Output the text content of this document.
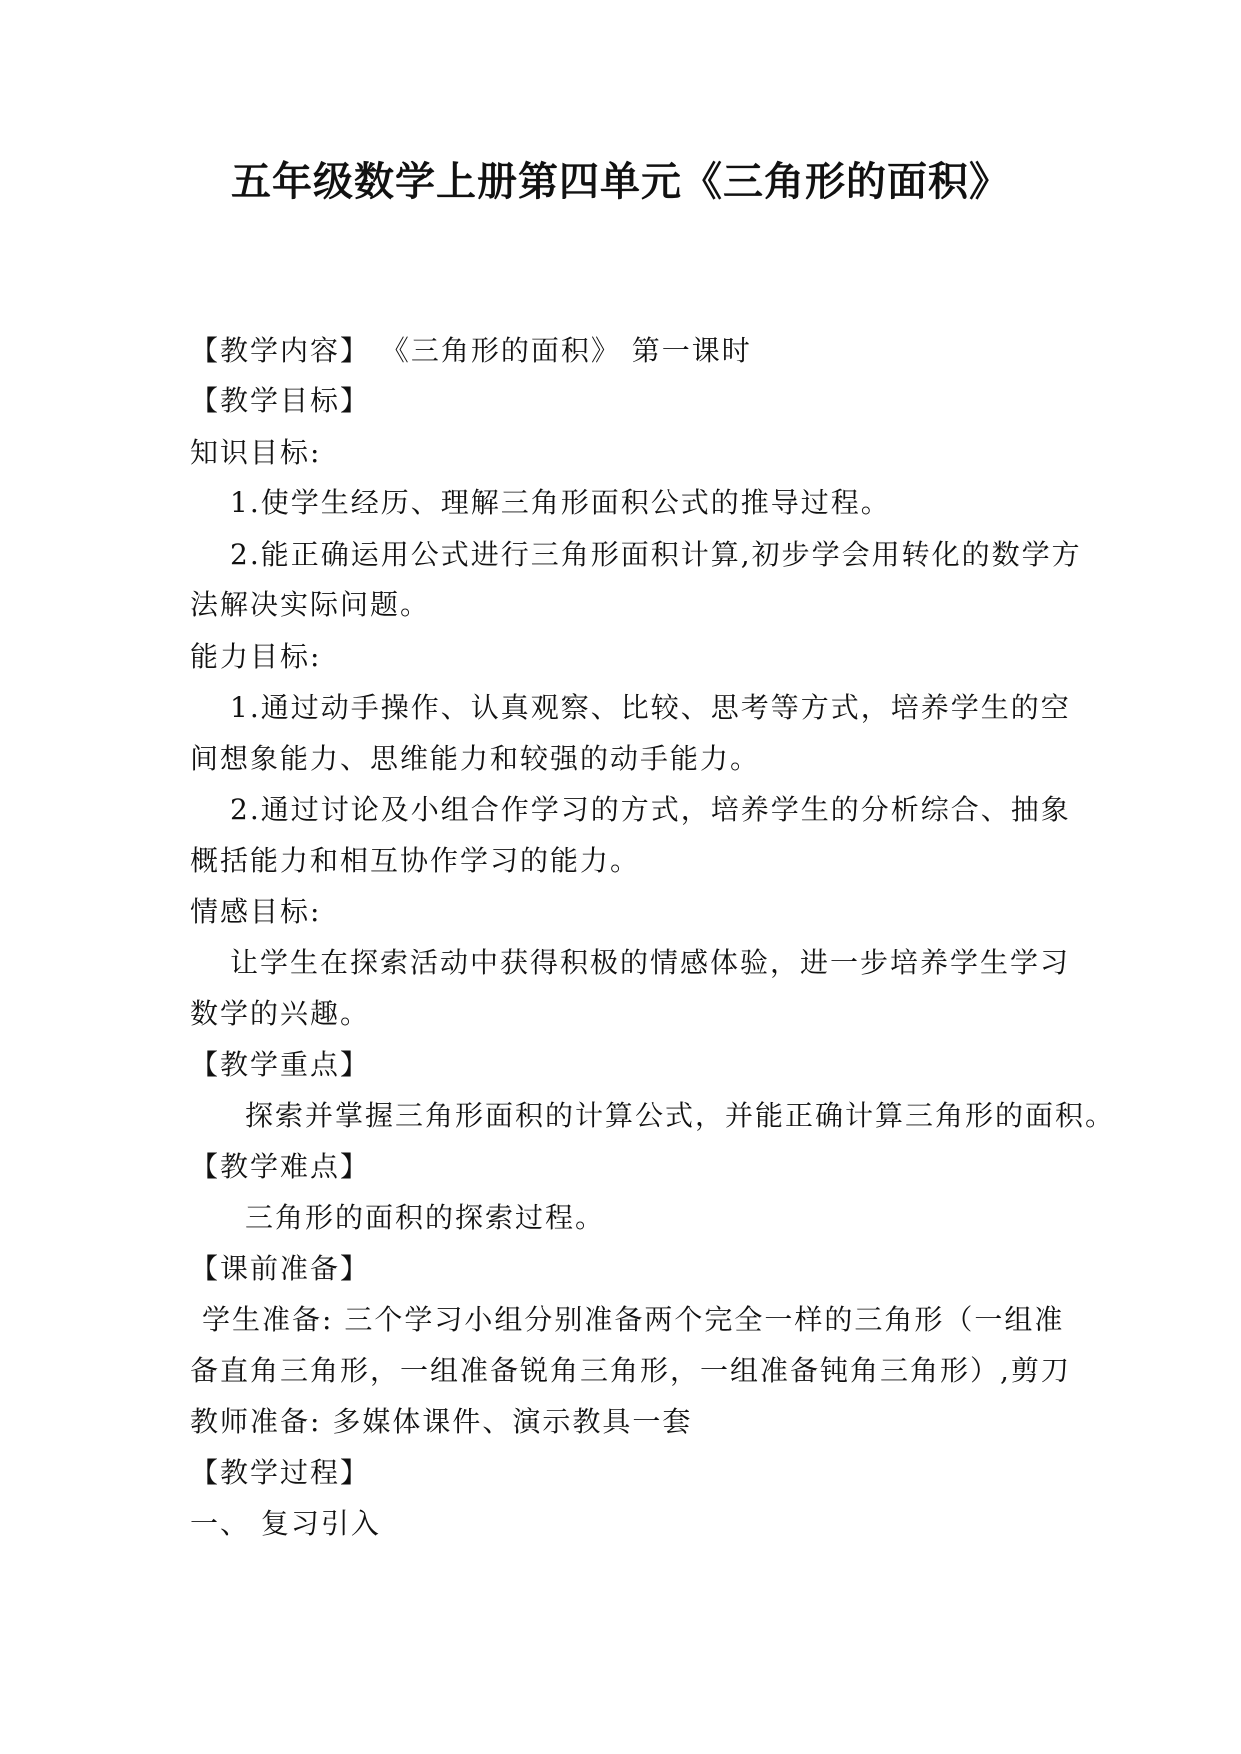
五年级数学上册第四单元《三角形的面积》
【教学内容】 《三角形的面积》 第一课时
【教学目标】
知识目标:
1.使学生经历、理解三角形面积公式的推导过程。
2.能正确运用公式进行三角形面积计算,初步学会用转化的数学方
法解决实际问题。
能力目标:
1.通过动手操作、认真观察、比较、思考等方式，培养学生的空
间想象能力、思维能力和较强的动手能力。
2.通过讨论及小组合作学习的方式，培养学生的分析综合、抽象
概括能力和相互协作学习的能力。
情感目标:
让学生在探索活动中获得积极的情感体验，进一步培养学生学习
数学的兴趣。
【教学重点】
探索并掌握三角形面积的计算公式，并能正确计算三角形的面积。
【教学难点】
三角形的面积的探索过程。
【课前准备】
学生准备: 三个学习小组分别准备两个完全一样的三角形（一组准
备直角三角形，一组准备锐角三角形，一组准备钝角三角形）,剪刀
教师准备: 多媒体课件、演示教具一套
【教学过程】
一、 复习引入
